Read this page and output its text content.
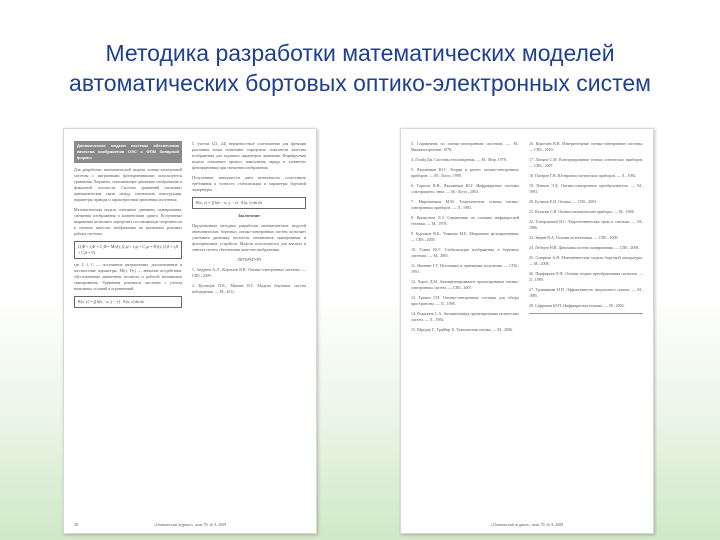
Методика разработки математических моделей
автоматических бортовых оптико-электронных систем
Динамические модели системы обеспечения качества изображения ОЭС с ФПМ бинарной формы

Для разработки математической модели оптико-электронной системы с матричными фотоприемниками используются уравнения Лагранжа, описывающие движение изображения в фокальной плоскости. Система уравнений учитывает кинематические связи между элементами конструкции, параметры привода и характеристики приемника излучения.

Математическая модель описывает динамику сканирования, смещения изображения и компенсации сдвига. Полученные выражения позволяют определить составляющие погрешности и оценить качество изображения на различных режимах работы системы.

(J₁Φ̈ + f₁Φ̇ + C₁Φ = M(t)); (J₂ψ̈ + f₂ψ̇ + C₂ψ = F(t)); (J₃θ̈ + f₃θ̇ + C₃θ = 0)

где J, f, C — постоянные инерционные, диссипативные и жесткостные параметры; M(t), F(t) — внешние воздействия, обусловленные движением носителя и работой механизмов сканирования. Уравнения решаются численно с учетом начальных условий и ограничений.

R(x, y) = ∫∫ h(x − u, y − v) · E(u, v) du dv

С учетом [23, 24] вероятностные соотношения для функции рассеяния точки позволяют определить показатели качества изображения для заданных параметров движения. Формируемая модель описывает процесс накопления заряда в элементах фотоприемника при смещении изображения.

Полученные зависимости дают возможность сопоставить требования к точности стабилизации и параметры бортовой аппаратуры.

R(x, y) = ∫∫ h(x − u, y − v) · E(u, v) du dv
Заключение

Предложенная методика разработки математических моделей автоматических бортовых оптико-электронных систем позволяет учитывать динамику носителя, механизмов сканирования и фотоприемных устройств. Модели используются для анализа и синтеза систем обеспечения качества изображения.

ЛИТЕРАТУРА

1. Андреев А.Л., Коротаев В.В. Оптико-электронные системы. — СПб., 2009.

2. Кузнецов П.К., Мишин В.Г. Модели бортовых систем наблюдения. — М., 2011.

28	«Оптический журнал», том 79, № 5, 2009

3. Справочник по оптико-электронным системам. — М.: Машиностроение, 1978.

4. Ллойд Дж. Системы тепловидения. — М.: Мир, 1978.

5. Якушенков Ю.Г. Теория и расчет оптико-электронных приборов. — М.: Логос, 1999.

6. Тарасов В.В., Якушенков Ю.Г. Инфракрасные системы «смотрящего» типа. — М.: Логос, 2004.

7. Мирошников М.М. Теоретические основы оптико-электронных приборов. — Л., 1983.

8. Криксунов Л.З. Справочник по основам инфракрасной техники. — М., 1978.

9. Бурлаков В.Б., Ушакова М.Б. Матричные фотоприемники. — СПб., 2005.

10. Гужва Ю.Г. Стабилизация изображения в бортовых системах. — М., 2001.

11. Ишанин Г.Г. Источники и приемники излучения. — СПб., 1991.

12. Хорол Д.М. Автоматизированное проектирование оптико-электронных систем. — СПб., 2007.

13. Грязин Г.Н. Оптико-электронные системы для обзора пространства. — Л., 1988.

14. Родионов С.А. Автоматизация проектирования оптических систем. — Л., 1982.

15. Шредер Г., Трайбер Х. Техническая оптика. — М., 2006.

16. Коротаев В.В. Измерительные оптико-электронные системы. — СПб., 2010.

17. Латыев С.М. Конструирование точных оптических приборов. — СПб., 2007.

18. Погарев Г.В. Юстировка оптических приборов. — Л., 1982.

19. Панков Э.Д. Оптико-электронные преобразователи. — М., 1993.

20. Бутиков Е.И. Оптика. — СПб., 2003.

21. Кулагин С.В. Оптико-механические приборы. — М., 1984.

22. Гоноровский И.С. Радиотехнические цепи и сигналы. — М., 1986.

23. Зверев В.А. Основы оптотехники. — СПб., 2009.

24. Лебедев Н.В. Динамика систем сканирования. — СПб., 2008.

25. Смирнов А.Я. Математические модели бортовой аппаратуры. — М., 2008.

26. Порфирьев Л.Ф. Основы теории преобразования сигналов. — Л., 1989.

27. Травникова Н.П. Эффективность визуального поиска. — М., 1985.

28. Сафронов Ю.П. Инфракрасная техника. — М., 2002.

«Оптический журнал», том 79, № 5, 2009
